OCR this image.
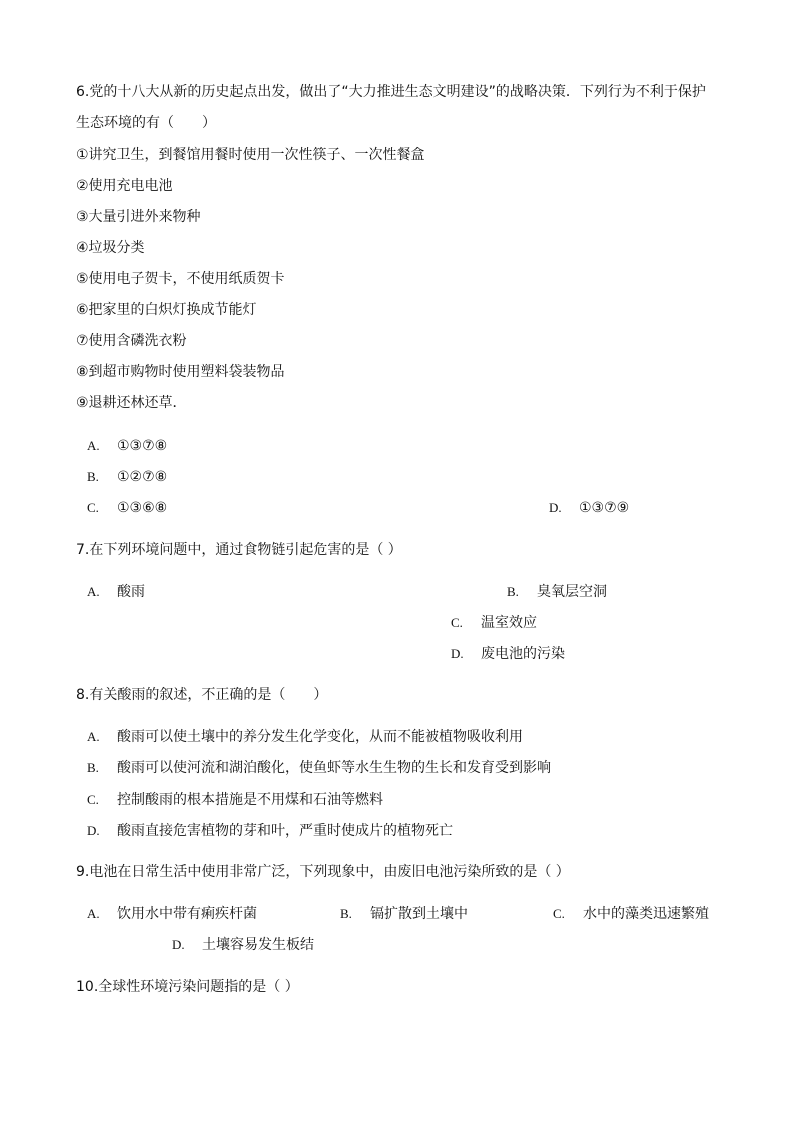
6.党的十八大从新的历史起点出发，做出了“大力推进生态文明建设”的战略决策．下列行为不利于保护
生态环境的有（　　）
①讲究卫生，到餐馆用餐时使用一次性筷子、一次性餐盒
②使用充电电池
③大量引进外来物种
④垃圾分类
⑤使用电子贺卡，不使用纸质贺卡
⑥把家里的白炽灯换成节能灯
⑦使用含磷洗衣粉
⑧到超市购物时使用塑料袋装物品
⑨退耕还林还草．
A. ①③⑦⑧
B. ①②⑦⑧
C. ①③⑥⑧	D. ①③⑦⑨
7.在下列环境问题中，通过食物链引起危害的是（ ）
A. 酸雨	B. 臭氧层空洞
C. 温室效应
D. 废电池的污染
8.有关酸雨的叙述，不正确的是（　　）
A. 酸雨可以使土壤中的养分发生化学变化，从而不能被植物吸收利用
B. 酸雨可以使河流和湖泊酸化，使鱼虾等水生生物的生长和发育受到影响
C. 控制酸雨的根本措施是不用煤和石油等燃料
D. 酸雨直接危害植物的芽和叶，严重时使成片的植物死亡
9.电池在日常生活中使用非常广泛，下列现象中，由废旧电池污染所致的是（ ）
A. 饮用水中带有痢疾杆菌	B. 镉扩散到土壤中	C. 水中的藻类迅速繁殖
D. 土壤容易发生板结
10.全球性环境污染问题指的是（ ）
